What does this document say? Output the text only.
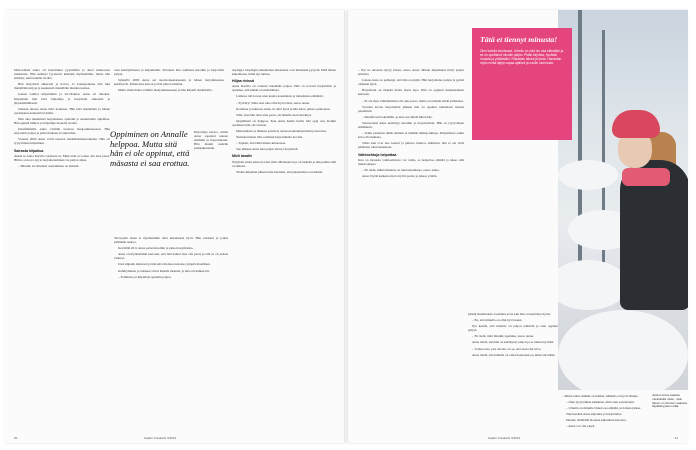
Murrosiässä Anna oli innoittunut pyyntöihin ja alkoi kiinnostua luistelusta. Hän kehittyi fyysisesti käsitään myöhemmin, mutta hän kehittyi, sekä uudella tavalla.

Hän harjoitteli ahkerasti ja kovaa. Jo koulupoikana hän luki mielellään kirjoja ja keskusteli mielellään muiden kanssa.

Joskus vaihtoi kilpailuihin ja 20-vitsinen. Anna oli innokas. Kilpailuun hän kävi kilpailuja ja harjoitteli ahkerasti ja järjestelmällisesti.

Samaan aikaan Anna kävi koulussa. Hän luki mielellään ja hänen opettajansa kannustivat häntä.

Olin aina tekemässä harjoituksia, ajattelin ja suunnittelin ohjelmaa. Hän ajatteli hiihtoa ja kilpailuja monella tavalla.

Umeåmäisille Anna valittiin nuorten maajoukkueeseen. Hän harjoitteli paljon ja pääsi mukaan arvokisoihin.

Vuonna 2006 Anna voitti nuorten maailmanmestaruuden. Hän oli tyytyväinen kilpailuun.

Sairasta kilpailua

Äkkiä se Anna Karvila varmasti on. Mutta hän ei voinut olla aina paras. Hiihto on kova laji ja harjoitteleminen vie paljon aikaa.

– Minulle tavoitteiden asettaminen on tärkeää.

vain kehittymiseen ja kilpailuihin. Siltoinen hän osallistui kisoihin ja harjoitteli paljon.

Sykkyllä 2009 Anna sai nuorisomestaruuden ja hänen harjoituksensa kehittyivät. Kiinnostus kasvoi ja hän jatkoi urheilua.

Mutta sitten hänet valittiin maajoukkueeseen ja hän kilpaili maailmalla.

Oppiminen on Annalle helppoa. Mutta sitä hän ei ole oppinut, että mäsasta ei saa erottua.

Kirjoittaja kertoo, miten Anna sopeutui uuteen elämään ja harjoitteluun. Hän muutti uudelle paikkakunnalle.

Terveyden Anna ei myöhemmin ollut kuitenkaan hyvä. Hän sairastui ja joutui pitämään taukoa.

Kevätillä 2011 Anna palasi kisoihin ja jatkoi harjoittelua.

Anna on myöhemmin kertonut, että hän halusi aina olla paras ja että se oli joskus vaikeaa.

Uusi kilpailu kiinnosti ja hän kävi monissa kisoissa ympäri maailman.

Kehittyminen ja tulokset olivat hänelle tärkeitä, ja hän otti kaiken irti.

– Toimintaa ja kilpailuja ajattelin paljon.

dopingia. Dopingin aiheuttamat muutokset ovat kuitenkin pysyviä. Mitä hänen kilpailuaan, miltä nyt tuntuu.

Hiljaa rivissä

Anna Karvila on tottunut tekemään paljon. Hän on kovasti harjoitellut ja ajattelee, että kaikki on mahdollista.

Luitussa tuli kovan uran kautta kokemusta ja tuntemusta elämästä.

– Pyöritty! Siinä olen aina ollut hyvä tässä, sanoo Anna.

Koulussa ja lukiossa Anna on ollut hyvä ja hän aikoo jatkaa opintojaan.

Sillä, ettei hän ollut aina paras, oli hänelle suuri merkitys.

Oppiminen on helppoa, Kun Anna halusi tietää, hän oppi sen. Kaikki opetukset hän otti vastaan.

Manaamisen ja läheiset auttoivat Annaa koulunkäynnissä ja kisoissa.

Yksinkertainen hän osallistui harjoituksiin kovasti.

– Tajusin, että tämä minua kiinnostaa.

Sen jälkeen Anna teki paljon töitä ja harjoitteli.

Mieli tasalle

Nykyisin Anna tekee kovasti töitä. Mielenterveys on tärkeää ja hän puhuu siitä avoimesti.

Yhden kilpailun jälkeen hän huomasi, että jaksaminen on tärkeää.

20	Kaskin Kuvalehti 3/2013
Tätä et tiennyt minusta!

Olen todella innoissani. Urheilu on ollut iso osa elämääni ja se on opettanut minulle paljon. Pidän kirjoista, hyvästä ruoasta ja ystävistäni. Rakastan talvea ja lunta. Harrastan myös muita lajeja vapaa-ajallani ja nautin luonnosta.

– Nyt ne tuloksia täytyy kisata, sanoo Anna. Minun kilpailuuni liittyi paljon erilaista.

Joskus Anna on pelännyt, että hän ei pärjää. Hän harjoittelee paljon ja pyrkii olemaan hyvä.

Harjoittelu on tärkeää mutta myös lepo. Hän on oppinut kuuntelemaan kehoaan.

– Ei ole ihan välttämätöntä olla aina paras, mutta on tärkeää tehdä parhaansa.

Vuosien kovan harjoittelun jälkeen hän on oppinut tuntemaan itsensä paremmin.

– Ruumis keli tekemään, ja aina saa nähdä miten käy.

Seuraavaksi Anna keskittyy kisoihin ja harjoitteluun. Hän on tyytyväinen elämäänsä.

– Tekin pannutus tähän mellein ei mikään ihmisjoukkoja. Kilpailuissa onkin kiva olla mukana.

Sillaa kun ovat nuo koulut ja jatkuva muutos elämässä, hän ei ole vielä päättänyt tulevaisuudesta.

Vaihtoehtoja helpottaa

Kun on monesta vaihtoehdosta voi valita, se helpottaa elämää ja tekee siitä mukavampaa.

– En tiedä, mihin minusta on tulevaisuudessa, sanoo Anna.

Anna löytää kaikesta myös hyviä puolia ja jaksaa yrittää.

päästä maalintaulu. Isommat arvat kun hän on käyttänyt hyvin.

– En, että minulla on ollut hyvä kausi.

Nyt kestää, että minulla on paljon tehtävää ja olen oppinut paljon.

– En tiedä, mitä minulle tapahtuu, sanoo Anna.

Anna tietää, että hän on kehittynyt paljon ja se tuntuu hyvältä.

– Toinen asia, jota odotan, on se, että saan olla terve.

Anna tietää, että kaikilla on omat haasteensa ja niistä selvitään.

– Mutta tulen sittäkin on mutkia. Minulla on hyvä tilanne.

– Olen tyytyväinen kaikkeen, mitä olen saavuttanut.

– Urheilu on minulle tärkeä osa elämää, ja haluan jatkaa.

Tänä kesänä Anna kilpailee ja harjoittelee.

Maanta vilämällä moneen kilpailuun kisoissa.

– Anna voi olla ylpeä.

Joskus Anna saattaa mietiskellä miten, mitä hänen on ihmisen saatava täydellisyyteen elää.
Kaskin Kuvalehti 3/2013	21
